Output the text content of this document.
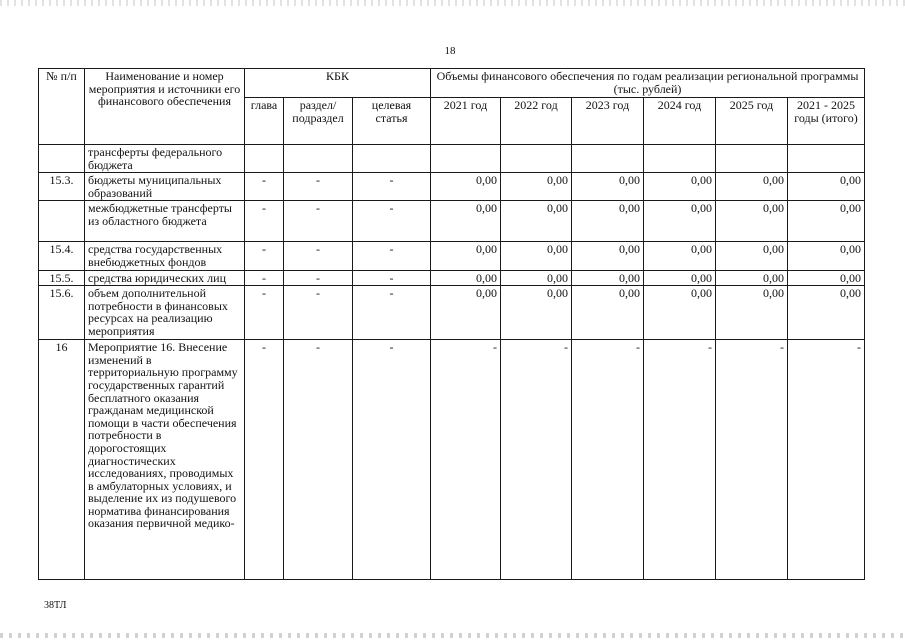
18
№ п/п	Наименование и номер мероприятия и источники его финансового обеспечения	КБК			Объемы финансового обеспечения по годам реализации региональной программы (тыс. рублей)					
		глава	раздел/ подраздел	целевая статья	2021 год	2022 год	2023 год	2024 год	2025 год	2021 - 2025 годы (итого)
	трансферты федерального бюджета									
15.3.	бюджеты муниципальных образований	-	-	-	0,00	0,00	0,00	0,00	0,00	0,00
	межбюджетные трансферты из областного бюджета	-	-	-	0,00	0,00	0,00	0,00	0,00	0,00
15.4.	средства государственных внебюджетных фондов	-	-	-	0,00	0,00	0,00	0,00	0,00	0,00
15.5.	средства юридических лиц	-	-	-	0,00	0,00	0,00	0,00	0,00	0,00
15.6.	объем дополнительной потребности в финансовых ресурсах на реализацию мероприятия	-	-	-	0,00	0,00	0,00	0,00	0,00	0,00
16	Мероприятие 16. Внесение изменений в территориальную программу государственных гарантий бесплатного оказания гражданам медицинской помощи в части обеспечения потребности в дорогостоящих диагностических исследованиях, проводимых в амбулаторных условиях, и выделение их из подушевого норматива финансирования оказания первичной медико-	-	-	-	-	-	-	-	-	-
38ТЛ
